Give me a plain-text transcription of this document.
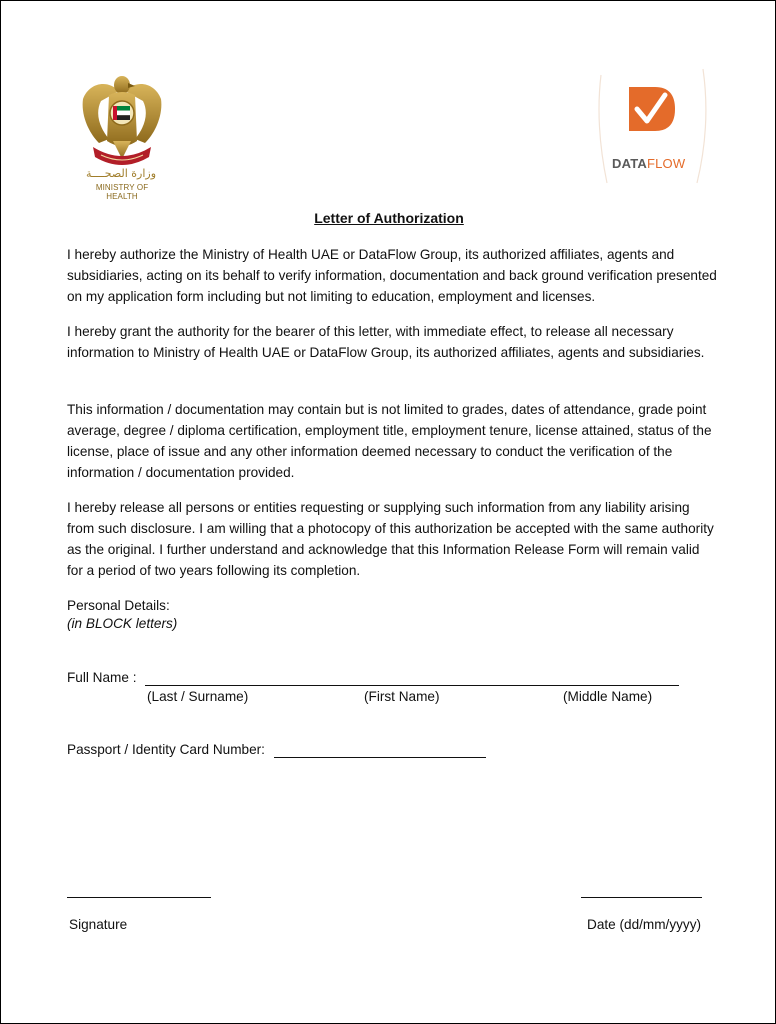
وزارة الصحــــة
MINISTRY OF HEALTH
DATAFLOW
Letter of Authorization

I hereby authorize the Ministry of Health UAE or DataFlow Group, its authorized affiliates, agents and subsidiaries, acting on its behalf to verify information, documentation and back ground verification presented on my application form including but not limiting to education, employment and licenses.

I hereby grant the authority for the bearer of this letter, with immediate effect, to release all necessary information to Ministry of Health UAE or DataFlow Group, its authorized affiliates, agents and subsidiaries.

This information / documentation may contain but is not limited to grades, dates of attendance, grade point average, degree / diploma certification, employment title, employment tenure, license attained, status of the license, place of issue and any other information deemed necessary to conduct the verification of the information / documentation provided.

I hereby release all persons or entities requesting or supplying such information from any liability arising from such disclosure. I am willing that a photocopy of this authorization be accepted with the same authority as the original. I further understand and acknowledge that this Information Release Form will remain valid for a period of two years following its completion.

Personal Details:
(in BLOCK letters)
Full Name :
(Last / Surname)	(First Name)	(Middle Name)
Passport / Identity Card Number:
Signature	Date (dd/mm/yyyy)
